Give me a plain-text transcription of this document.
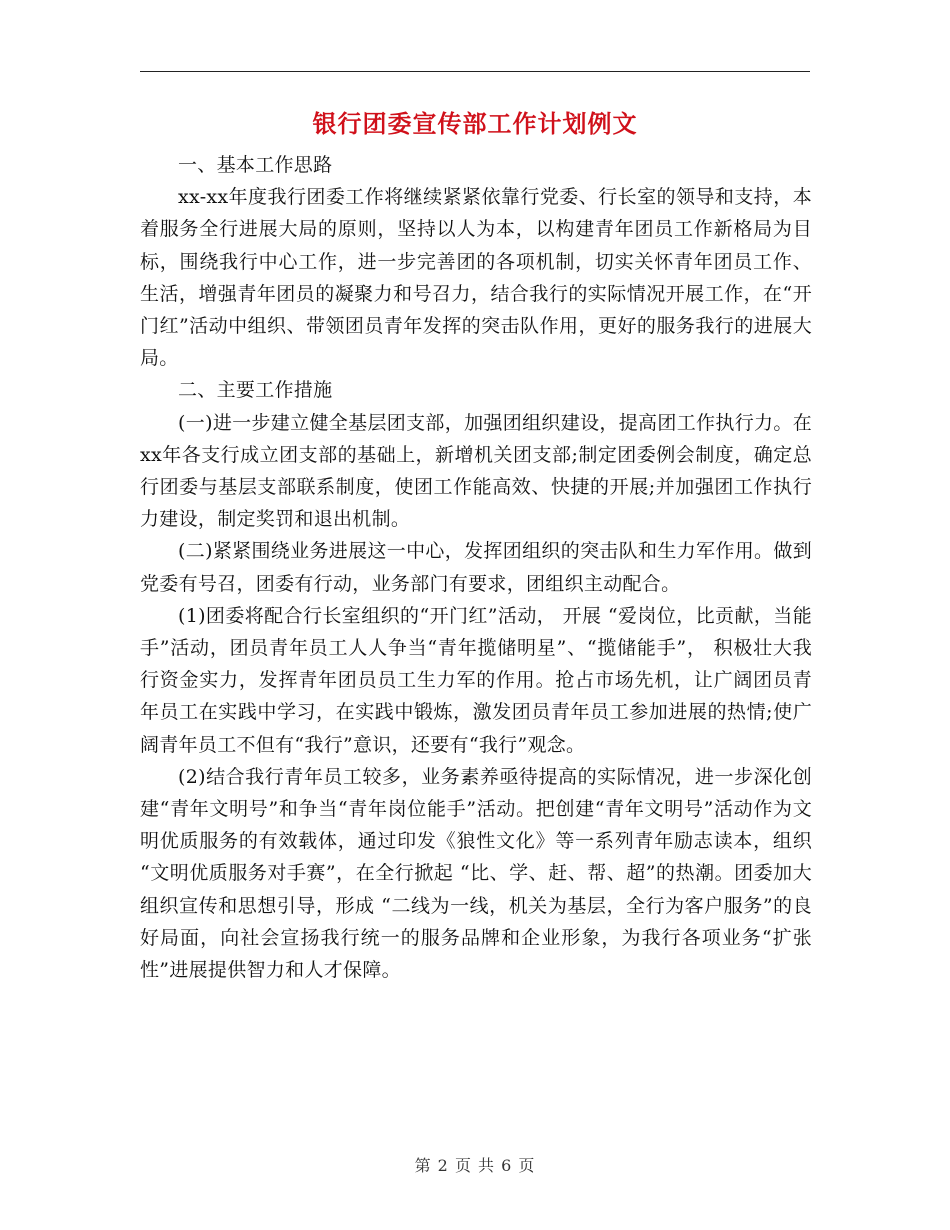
银行团委宣传部工作计划例文

一、基本工作思路

xx-xx年度我行团委工作将继续紧紧依靠行党委、行长室的领导和支持，本着服务全行进展大局的原则，坚持以人为本，以构建青年团员工作新格局为目标，围绕我行中心工作，进一步完善团的各项机制，切实关怀青年团员工作、生活，增强青年团员的凝聚力和号召力，结合我行的实际情况开展工作，在“开门红”活动中组织、带领团员青年发挥的突击队作用，更好的服务我行的进展大局。

二、主要工作措施

(一)进一步建立健全基层团支部，加强团组织建设，提高团工作执行力。在xx年各支行成立团支部的基础上，新增机关团支部;制定团委例会制度，确定总行团委与基层支部联系制度，使团工作能高效、快捷的开展;并加强团工作执行力建设，制定奖罚和退出机制。

(二)紧紧围绕业务进展这一中心，发挥团组织的突击队和生力军作用。做到党委有号召，团委有行动，业务部门有要求，团组织主动配合。

(1)团委将配合行长室组织的“开门红”活动， 开展 “爱岗位，比贡献，当能手”活动，团员青年员工人人争当“青年揽储明星”、“揽储能手”， 积极壮大我行资金实力，发挥青年团员员工生力军的作用。抢占市场先机，让广阔团员青年员工在实践中学习，在实践中锻炼，激发团员青年员工参加进展的热情;使广阔青年员工不但有“我行”意识，还要有“我行”观念。

(2)结合我行青年员工较多，业务素养亟待提高的实际情况，进一步深化创建“青年文明号”和争当“青年岗位能手”活动。把创建“青年文明号”活动作为文明优质服务的有效载体，通过印发《狼性文化》等一系列青年励志读本，组织 “文明优质服务对手赛”，在全行掀起 “比、学、赶、帮、超”的热潮。团委加大组织宣传和思想引导，形成 “二线为一线，机关为基层，全行为客户服务”的良好局面，向社会宣扬我行统一的服务品牌和企业形象，为我行各项业务“扩张性”进展提供智力和人才保障。

第 2 页 共 6 页
